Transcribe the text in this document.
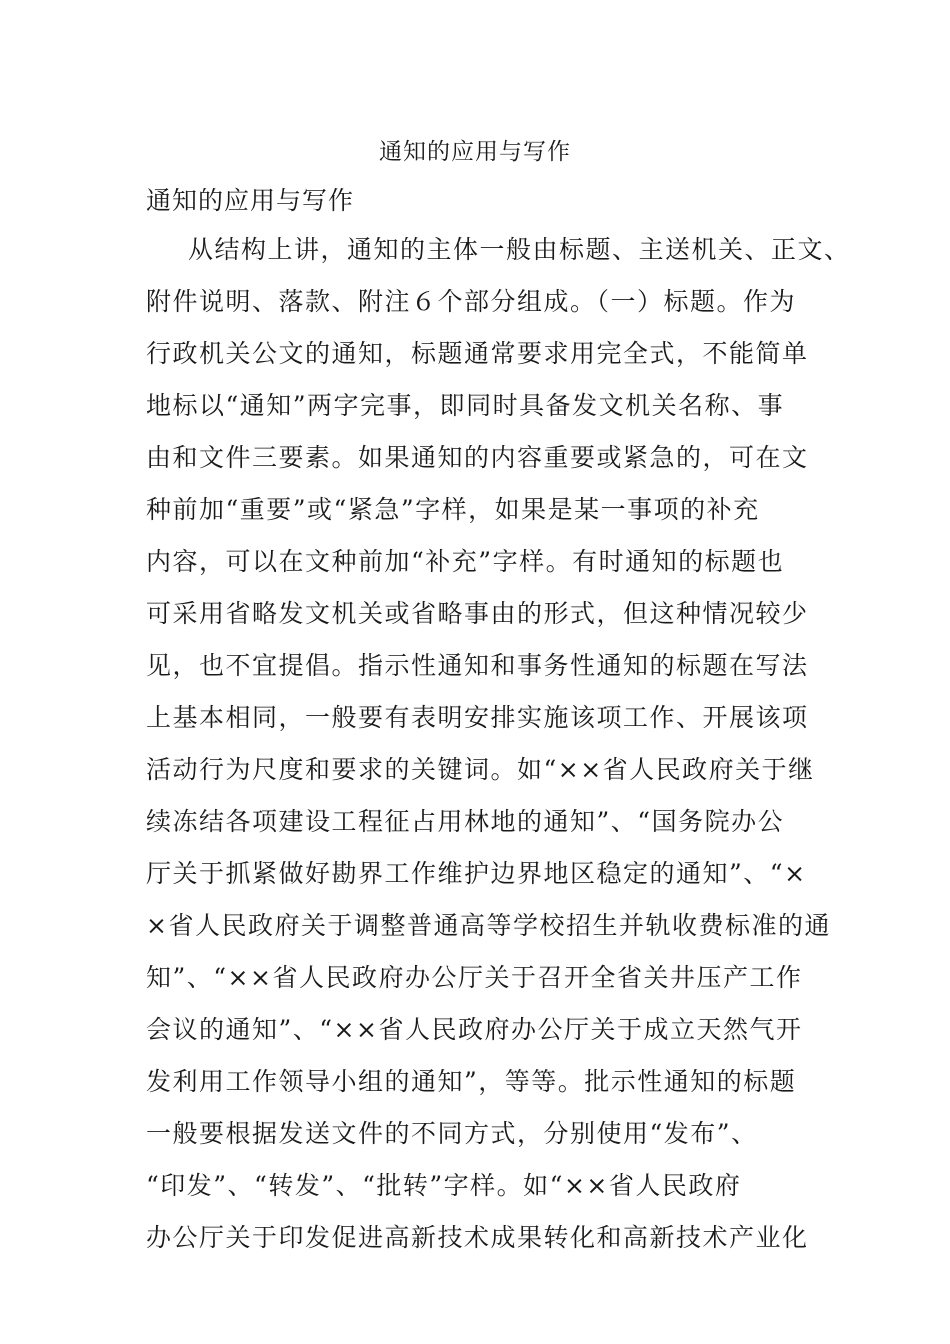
通知的应用与写作
通知的应用与写作
从结构上讲，通知的主体一般由标题、主送机关、正文、
附件说明、落款、附注６个部分组成。（一）标题。作为
行政机关公文的通知，标题通常要求用完全式，不能简单
地标以“通知”两字完事，即同时具备发文机关名称、事
由和文件三要素。如果通知的内容重要或紧急的，可在文
种前加“重要”或“紧急”字样，如果是某一事项的补充
内容，可以在文种前加“补充”字样。有时通知的标题也
可采用省略发文机关或省略事由的形式，但这种情况较少
见，也不宜提倡。指示性通知和事务性通知的标题在写法
上基本相同，一般要有表明安排实施该项工作、开展该项
活动行为尺度和要求的关键词。如“××省人民政府关于继
续冻结各项建设工程征占用林地的通知”、“国务院办公
厅关于抓紧做好勘界工作维护边界地区稳定的通知”、“×
×省人民政府关于调整普通高等学校招生并轨收费标准的通
知”、“××省人民政府办公厅关于召开全省关井压产工作
会议的通知”、“××省人民政府办公厅关于成立天然气开
发利用工作领导小组的通知”，等等。批示性通知的标题
一般要根据发送文件的不同方式，分别使用“发布”、
“印发”、“转发”、“批转”字样。如“××省人民政府
办公厅关于印发促进高新技术成果转化和高新技术产业化
